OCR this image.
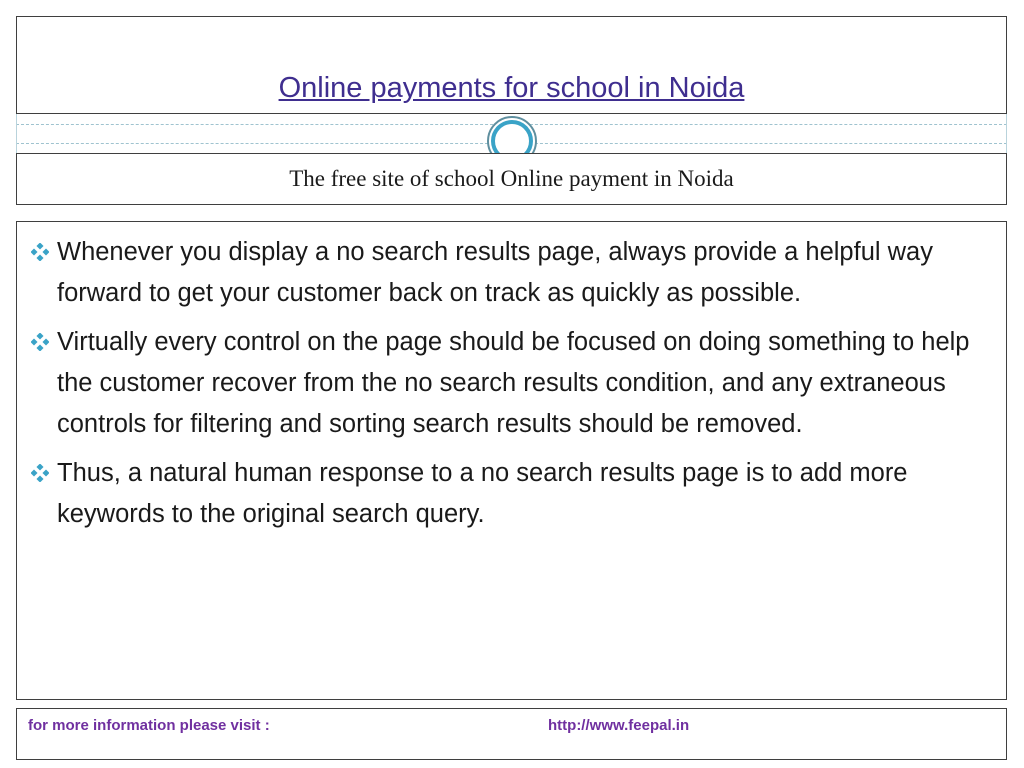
Online payments for school in Noida
The free site of school Online payment in Noida
Whenever you display a no search results page, always provide a helpful way forward to get your customer back on track as quickly as possible.
Virtually every control on the page should be focused on doing something to help the customer recover from the no search results condition, and any extraneous controls for filtering and sorting search results should be removed.
Thus, a natural human response to a no search results page is to add more keywords to the original search query.
for more information please visit :	http://www.feepal.in
